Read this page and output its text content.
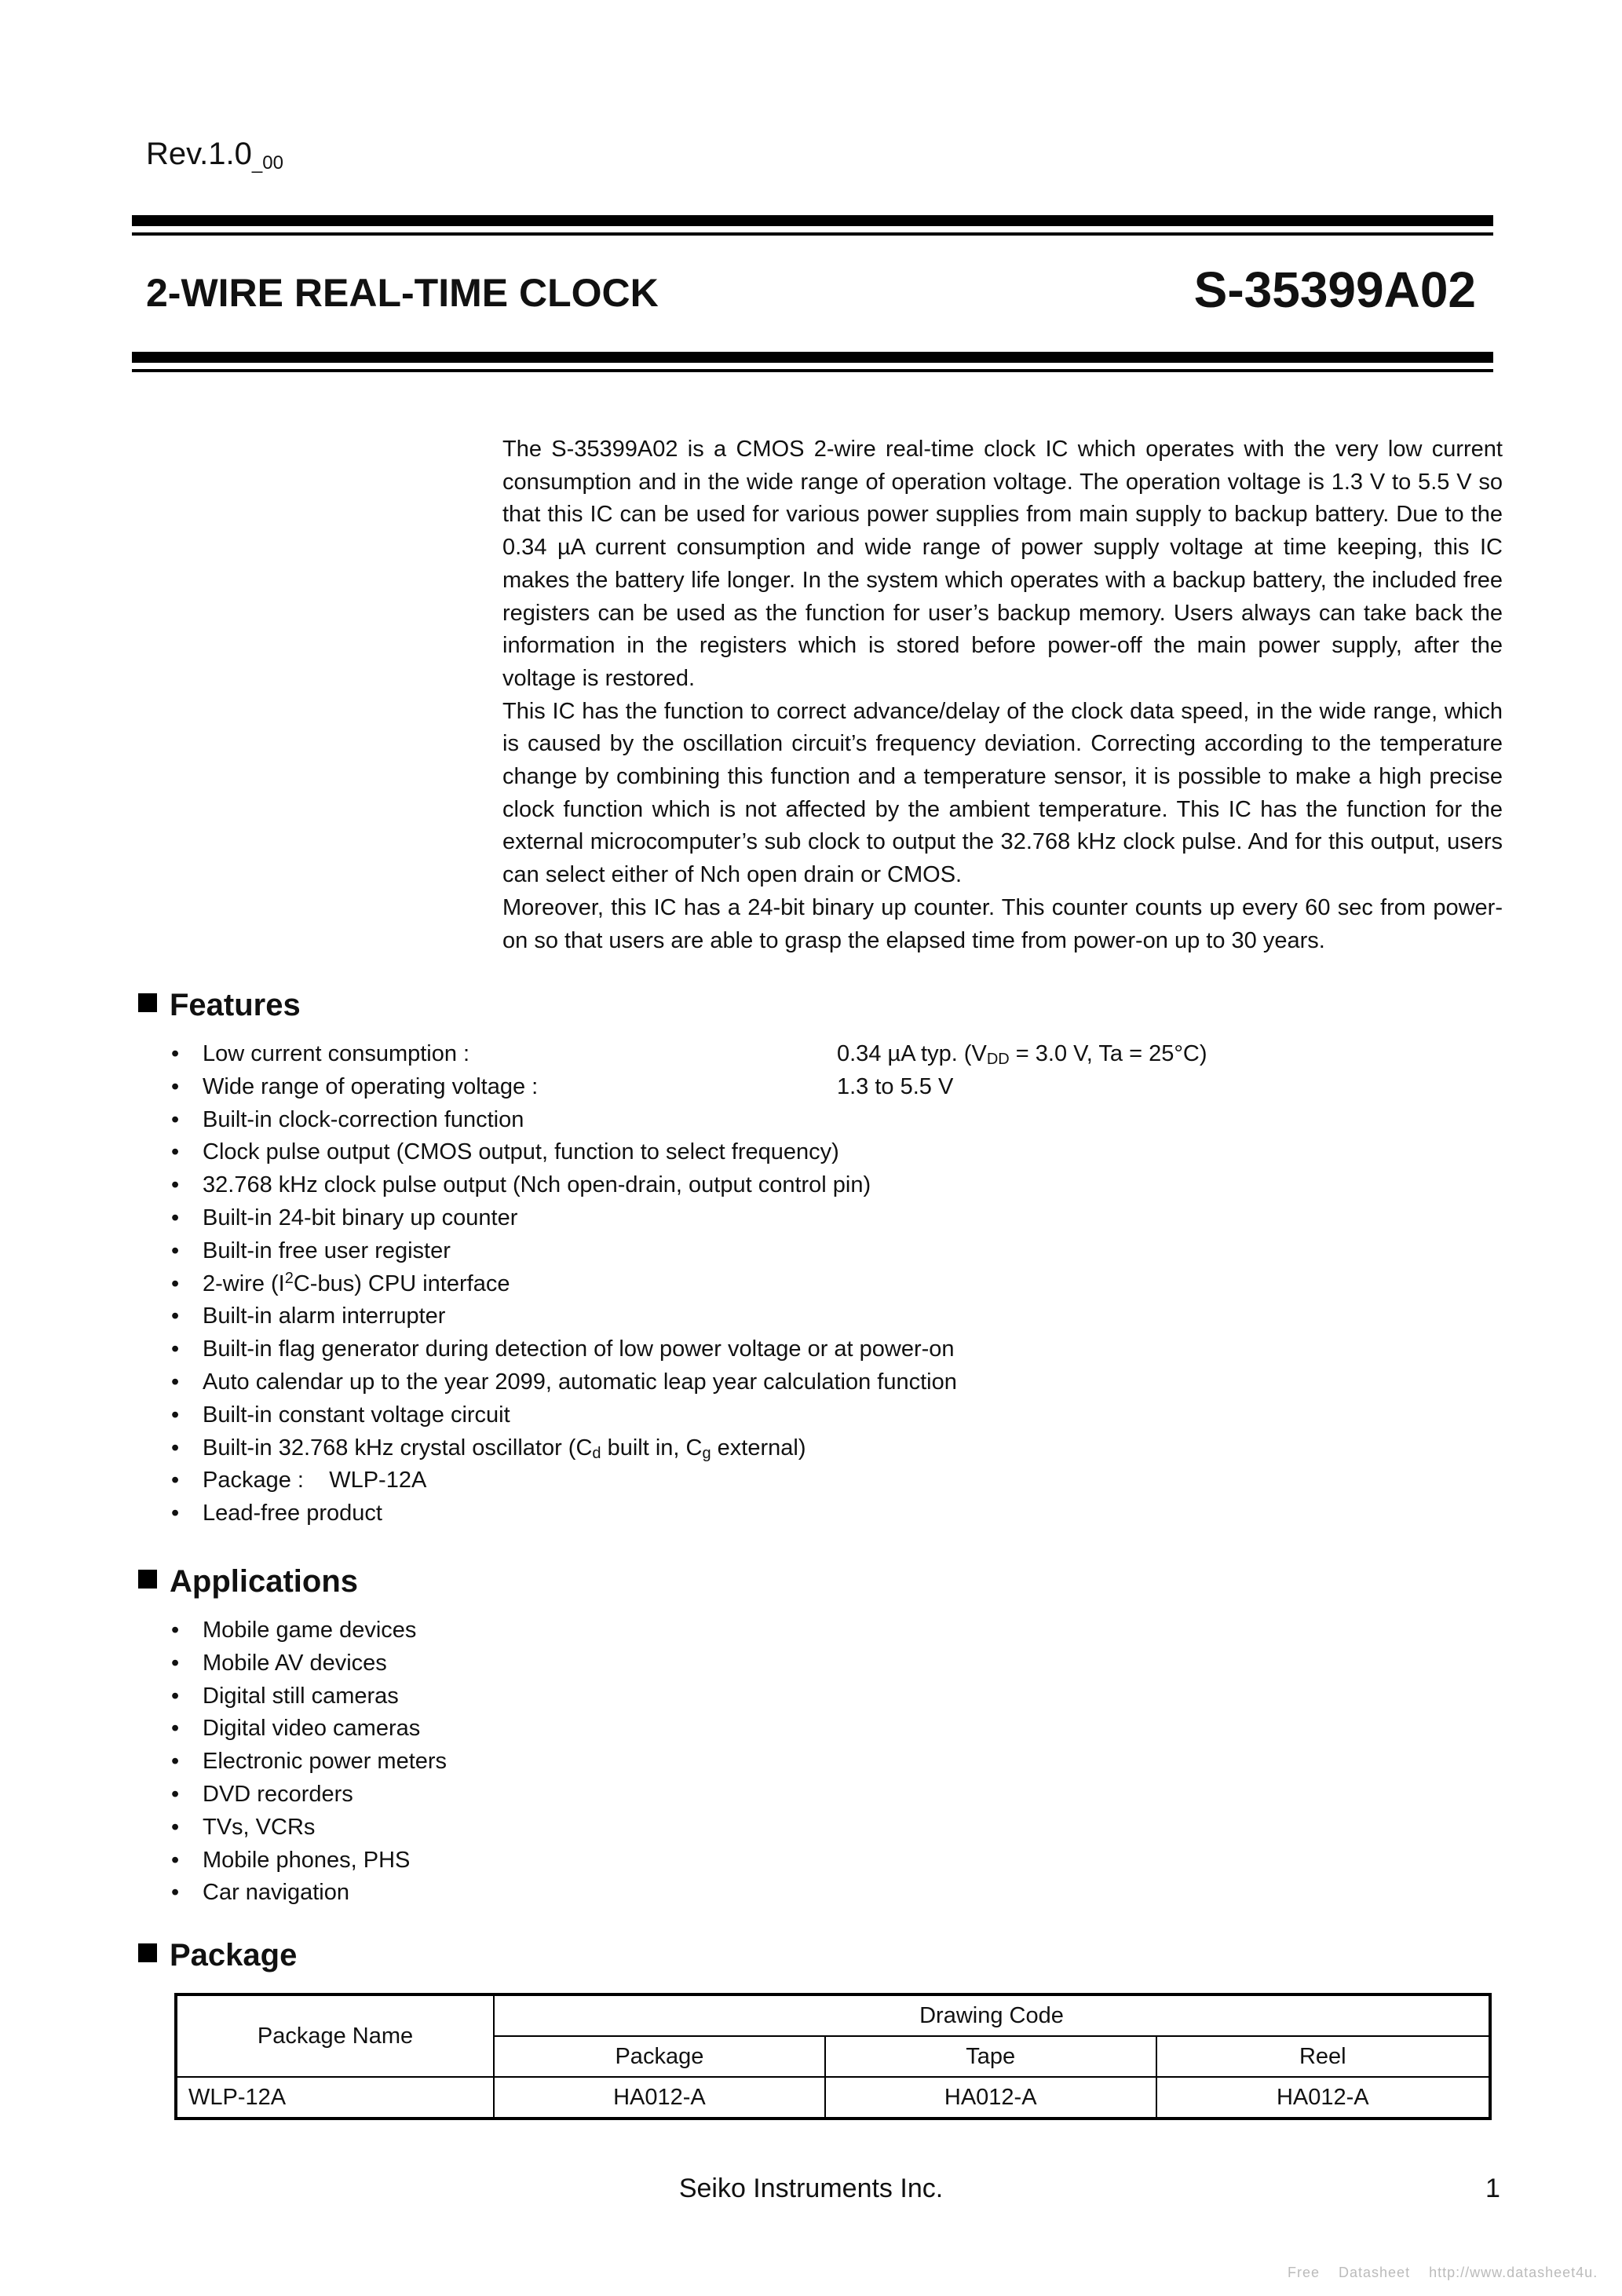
$Rev.1.0_{\_00}$
2-WIRE REAL-TIME CLOCK	S-35399A02

The S-35399A02 is a CMOS 2-wire real-time clock IC which operates with the very low current consumption and in the wide range of operation voltage. The operation voltage is 1.3 V to 5.5 V so that this IC can be used for various power supplies from main supply to backup battery. Due to the 0.34 µA current consumption and wide range of power supply voltage at time keeping, this IC makes the battery life longer. In the system which operates with a backup battery, the included free registers can be used as the function for user’s backup memory. Users always can take back the information in the registers which is stored before power-off the main power supply, after the voltage is restored.

This IC has the function to correct advance/delay of the clock data speed, in the wide range, which is caused by the oscillation circuit’s frequency deviation. Correcting according to the temperature change by combining this function and a temperature sensor, it is possible to make a high precise clock function which is not affected by the ambient temperature. This IC has the function for the external microcomputer’s sub clock to output the 32.768 kHz clock pulse. And for this output, users can select either of Nch open drain or CMOS.

Moreover, this IC has a 24-bit binary up counter. This counter counts up every 60 sec from power-on so that users are able to grasp the elapsed time from power-on up to 30 years.

Features
• Low current consumption :	0.34 µA typ. ($V_{DD} = 3.0$ V, Ta = 25°C)
• Wide range of operating voltage :	1.3 to 5.5 V
• Built-in clock-correction function
• Clock pulse output (CMOS output, function to select frequency)
• 32.768 kHz clock pulse output (Nch open-drain, output control pin)
• Built-in 24-bit binary up counter
• Built-in free user register
• 2-wire $(I^2C-bus)$ CPU interface
• Built-in alarm interrupter
• Built-in flag generator during detection of low power voltage or at power-on
• Auto calendar up to the year 2099, automatic leap year calculation function
• Built-in constant voltage circuit
• Built-in 32.768 kHz crystal oscillator ($C_d$ built in, $C_g$ external)
• Package :    WLP-12A
• Lead-free product
Applications
• Mobile game devices
• Mobile AV devices
• Digital still cameras
• Digital video cameras
• Electronic power meters
• DVD recorders
• TVs, VCRs
• Mobile phones, PHS
• Car navigation
Package
Package Name	Drawing Code		
	Package	Tape	Reel
WLP-12A	HA012-A	HA012-A	HA012-A
Seiko Instruments Inc.	1
Free    Datasheet    http://www.datasheet4u.
